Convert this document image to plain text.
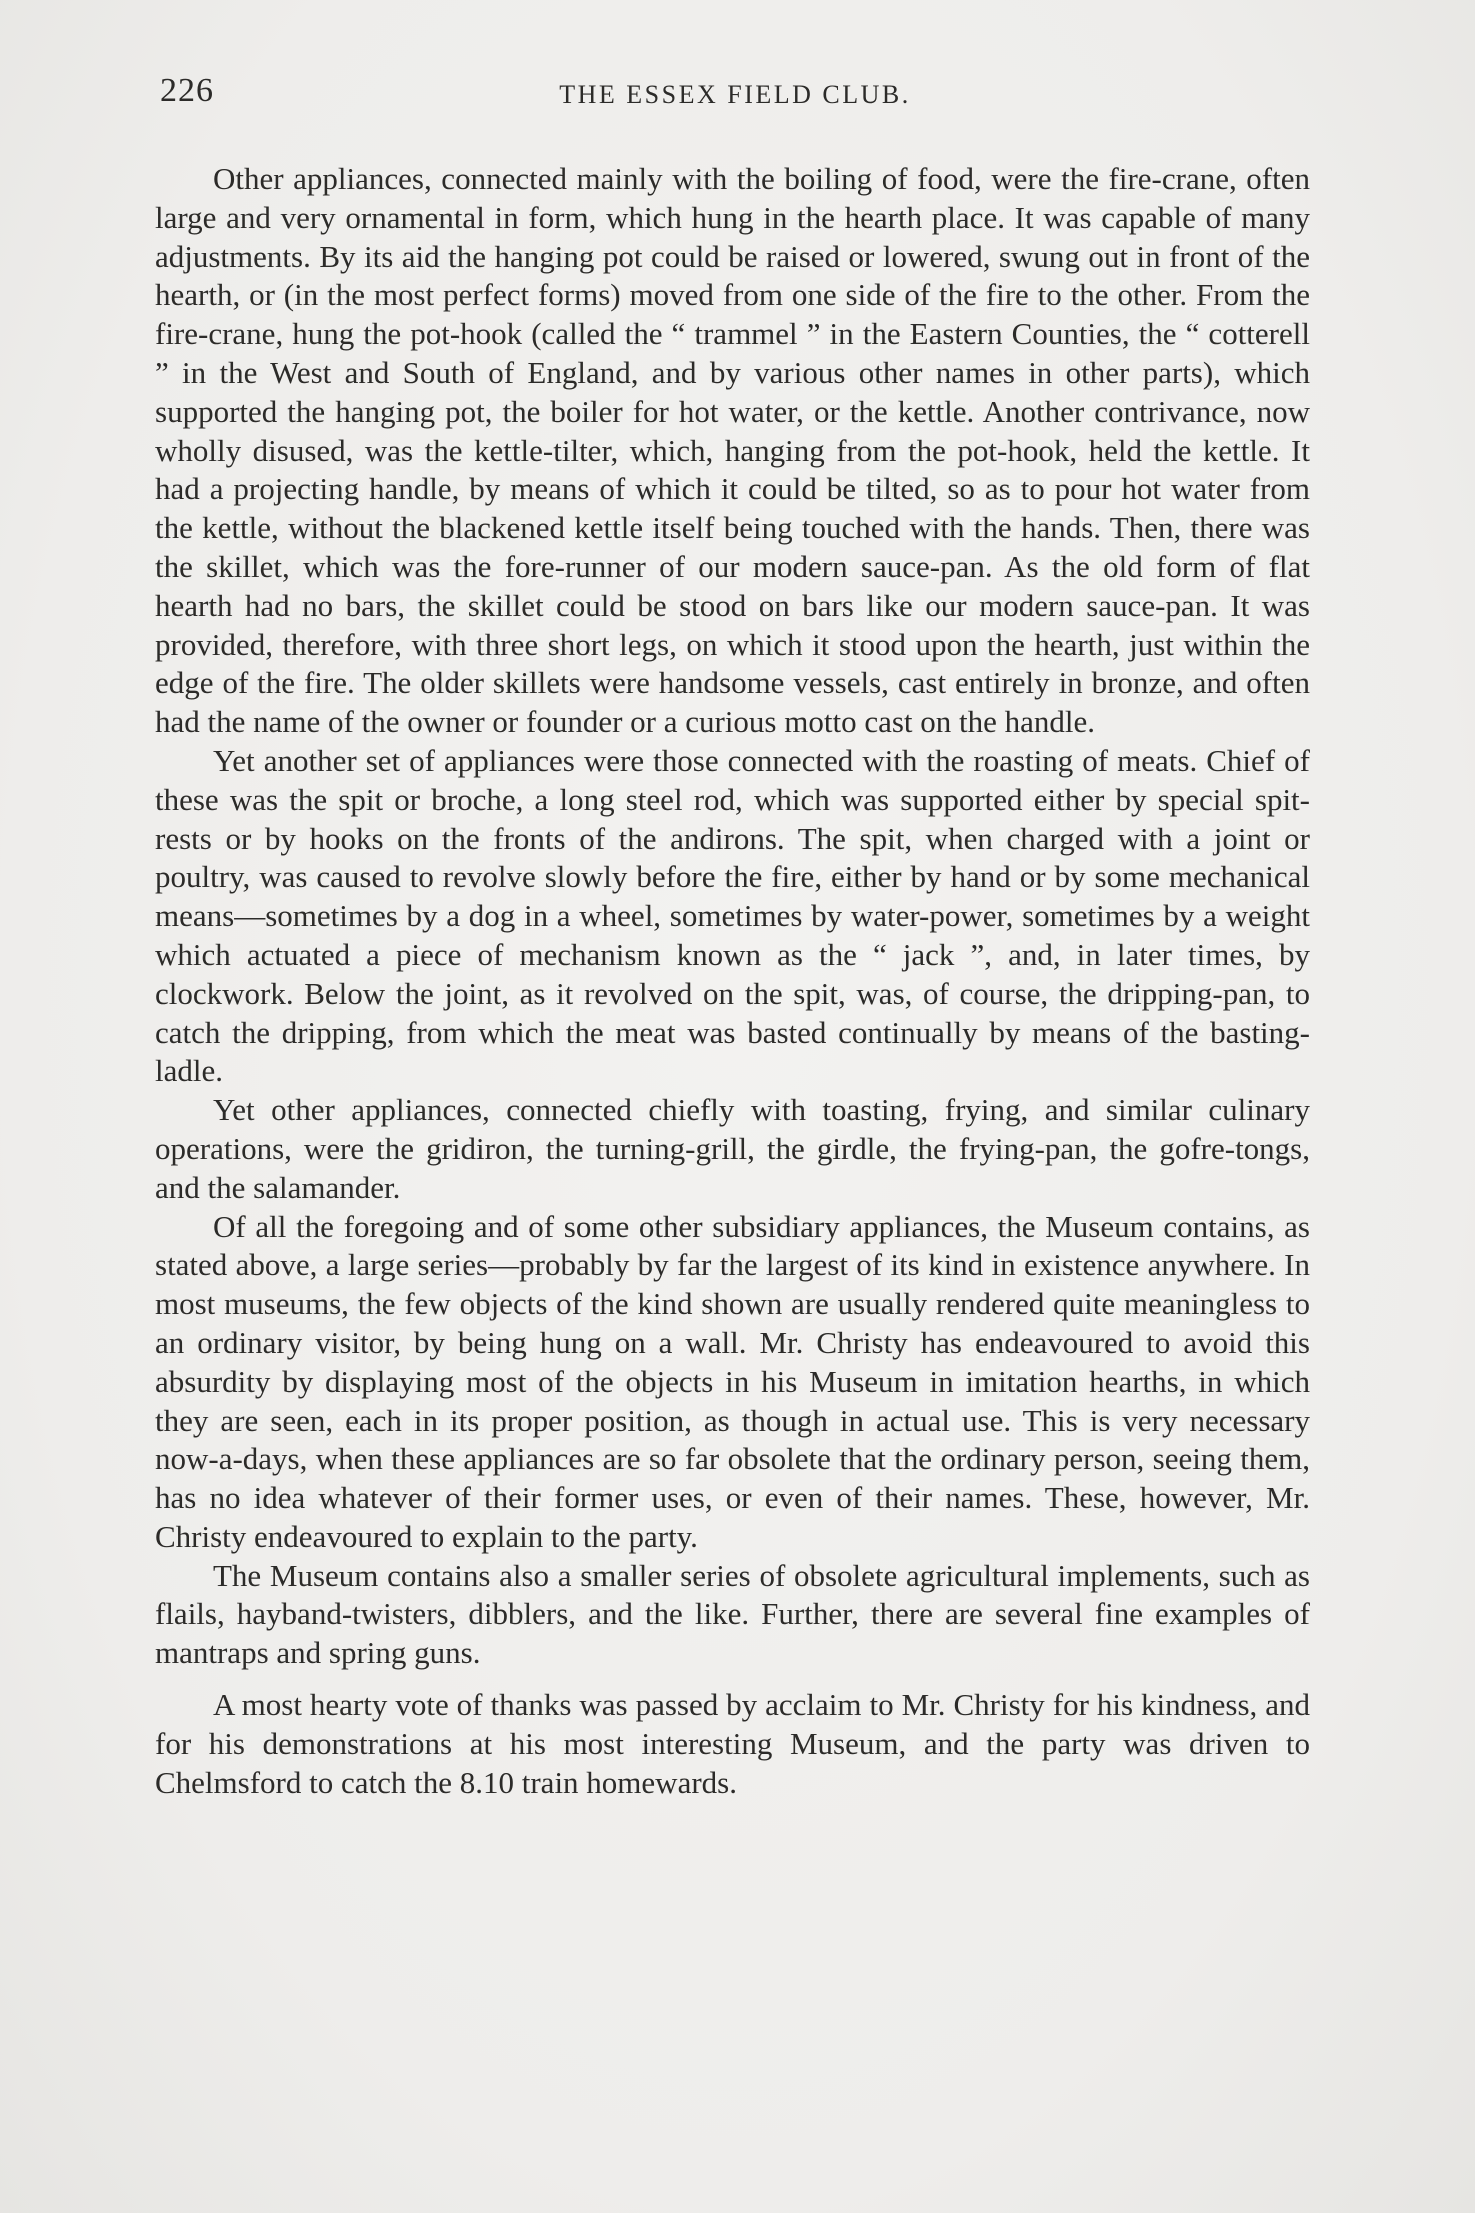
226	THE ESSEX FIELD CLUB.

Other appliances, connected mainly with the boiling of food, were the fire-crane, often large and very ornamental in form, which hung in the hearth place. It was capable of many adjustments. By its aid the hanging pot could be raised or lowered, swung out in front of the hearth, or (in the most perfect forms) moved from one side of the fire to the other. From the fire-crane, hung the pot-hook (called the “ trammel ” in the Eastern Counties, the “ cotterell ” in the West and South of England, and by various other names in other parts), which supported the hanging pot, the boiler for hot water, or the kettle. Another contrivance, now wholly disused, was the kettle-tilter, which, hanging from the pot-hook, held the kettle. It had a projecting handle, by means of which it could be tilted, so as to pour hot water from the kettle, without the blackened kettle itself being touched with the hands. Then, there was the skillet, which was the fore-runner of our modern sauce-pan. As the old form of flat hearth had no bars, the skillet could be stood on bars like our modern sauce-pan. It was provided, therefore, with three short legs, on which it stood upon the hearth, just within the edge of the fire. The older skillets were handsome vessels, cast entirely in bronze, and often had the name of the owner or founder or a curious motto cast on the handle.

Yet another set of appliances were those connected with the roasting of meats. Chief of these was the spit or broche, a long steel rod, which was supported either by special spit-rests or by hooks on the fronts of the andirons. The spit, when charged with a joint or poultry, was caused to revolve slowly before the fire, either by hand or by some mechanical means—sometimes by a dog in a wheel, sometimes by water-power, sometimes by a weight which actuated a piece of mechanism known as the “ jack ”, and, in later times, by clockwork. Below the joint, as it revolved on the spit, was, of course, the dripping-pan, to catch the dripping, from which the meat was basted continually by means of the basting-ladle.

Yet other appliances, connected chiefly with toasting, frying, and similar culinary operations, were the gridiron, the turning-grill, the girdle, the frying-pan, the gofre-tongs, and the salamander.

Of all the foregoing and of some other subsidiary appliances, the Museum contains, as stated above, a large series—probably by far the largest of its kind in existence anywhere. In most museums, the few objects of the kind shown are usually rendered quite meaningless to an ordinary visitor, by being hung on a wall. Mr. Christy has endeavoured to avoid this absurdity by displaying most of the objects in his Museum in imitation hearths, in which they are seen, each in its proper position, as though in actual use. This is very necessary now-a-days, when these appliances are so far obsolete that the ordinary person, seeing them, has no idea whatever of their former uses, or even of their names. These, however, Mr. Christy endeavoured to explain to the party.

The Museum contains also a smaller series of obsolete agricultural implements, such as flails, hayband-twisters, dibblers, and the like. Further, there are several fine examples of mantraps and spring guns.

A most hearty vote of thanks was passed by acclaim to Mr. Christy for his kindness, and for his demonstrations at his most interesting Museum, and the party was driven to Chelmsford to catch the 8.10 train homewards.
